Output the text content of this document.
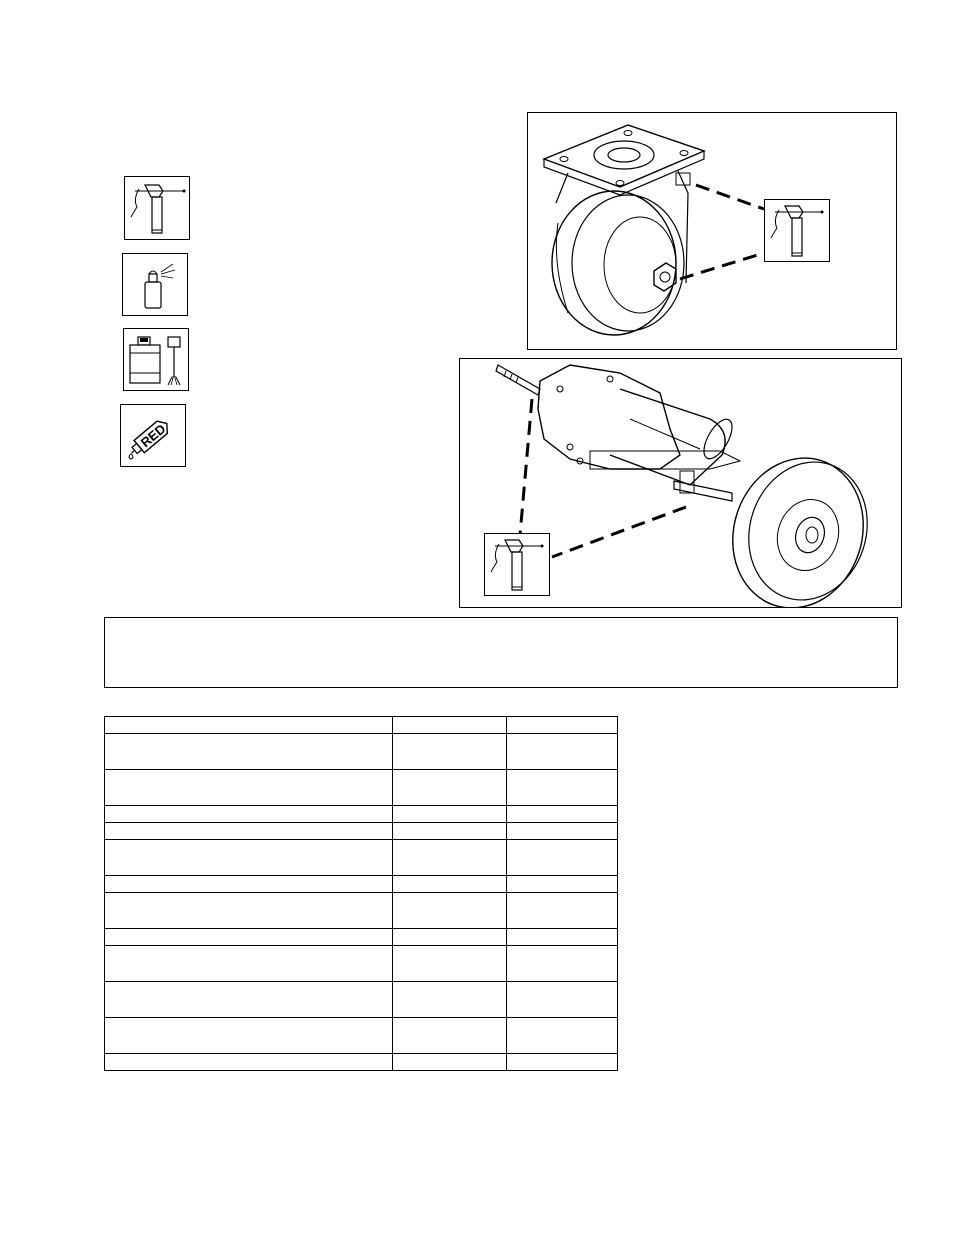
RED
